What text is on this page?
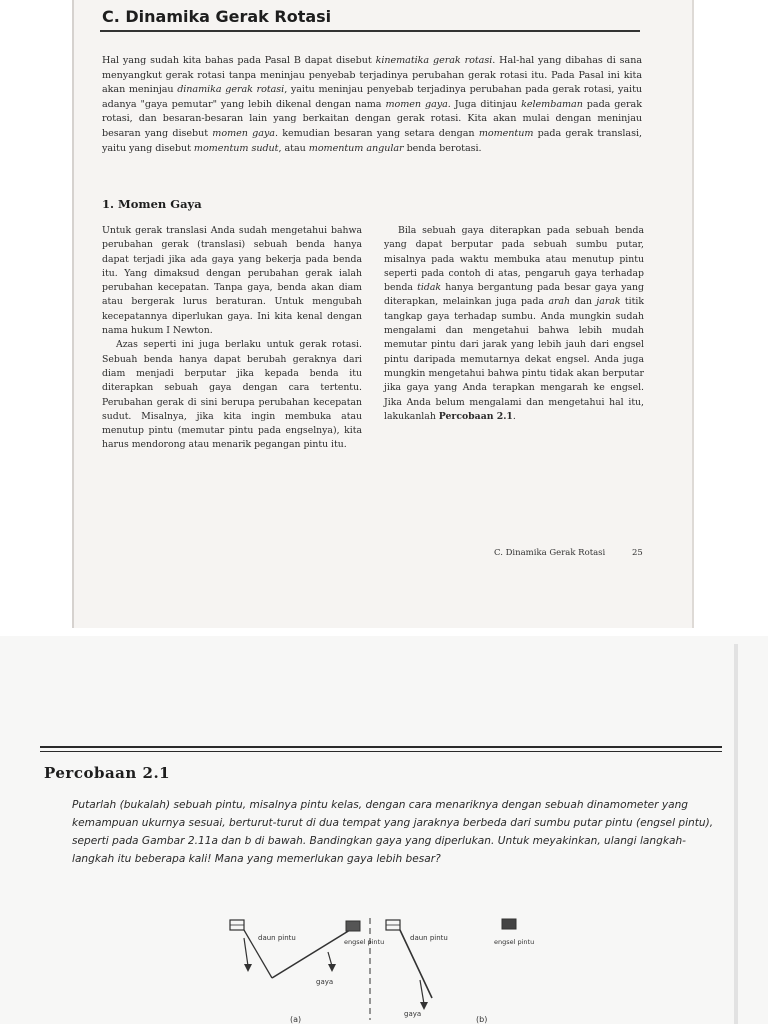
C. Dinamika Gerak Rotasi

Hal yang sudah kita bahas pada Pasal B dapat disebut kinematika gerak rotasi. Hal-hal yang dibahas di sana menyangkut gerak rotasi tanpa meninjau penyebab terjadinya perubahan gerak rotasi itu. Pada Pasal ini kita akan meninjau dinamika gerak rotasi, yaitu meninjau penyebab terjadinya perubahan pada gerak rotasi, yaitu adanya "gaya pemutar" yang lebih dikenal dengan nama momen gaya. Juga ditinjau kelembaman pada gerak rotasi, dan besaran-besaran lain yang berkaitan dengan gerak rotasi. Kita akan mulai dengan meninjau besaran yang disebut momen gaya. kemudian besaran yang setara dengan momentum pada gerak translasi, yaitu yang disebut momentum sudut, atau momentum angular benda berotasi.

1. Momen Gaya

Untuk gerak translasi Anda sudah mengetahui bahwa perubahan gerak (translasi) sebuah benda hanya dapat terjadi jika ada gaya yang bekerja pada benda itu. Yang dimaksud dengan perubahan gerak ialah perubahan kecepatan. Tanpa gaya, benda akan diam atau bergerak lurus beraturan. Untuk mengubah kecepatannya diperlukan gaya. Ini kita kenal dengan nama hukum I Newton.

Azas seperti ini juga berlaku untuk gerak rotasi. Sebuah benda hanya dapat berubah geraknya dari diam menjadi berputar jika kepada benda itu diterapkan sebuah gaya dengan cara tertentu. Perubahan gerak di sini berupa perubahan kecepatan sudut. Misalnya, jika kita ingin membuka atau menutup pintu (memutar pintu pada engselnya), kita harus mendorong atau menarik pegangan pintu itu.

Bila sebuah gaya diterapkan pada sebuah benda yang dapat berputar pada sebuah sumbu putar, misalnya pada waktu membuka atau menutup pintu seperti pada contoh di atas, pengaruh gaya terhadap benda tidak hanya bergantung pada besar gaya yang diterapkan, melainkan juga pada arah dan jarak titik tangkap gaya terhadap sumbu. Anda mungkin sudah mengalami dan mengetahui bahwa lebih mudah memutar pintu dari jarak yang lebih jauh dari engsel pintu daripada memutarnya dekat engsel. Anda juga mungkin mengetahui bahwa pintu tidak akan berputar jika gaya yang Anda terapkan mengarah ke engsel. Jika Anda belum mengalami dan mengetahui hal itu, lakukanlah Percobaan 2.1.

C. Dinamika Gerak Rotasi	25
Percobaan 2.1

Putarlah (bukalah) sebuah pintu, misalnya pintu kelas, dengan cara menariknya dengan sebuah dinamometer yang kemampuan ukurnya sesuai, berturut-turut di dua tempat yang jaraknya berbeda dari sumbu putar pintu (engsel pintu), seperti pada Gambar 2.11a dan b di bawah. Bandingkan gaya yang diperlukan. Untuk meyakinkan, ulangi langkah-langkah itu beberapa kali! Mana yang memerlukan gaya lebih besar?

daun pintu	engsel pintu
gaya
(a)
daun pintu	engsel pintu
gaya
(b)
